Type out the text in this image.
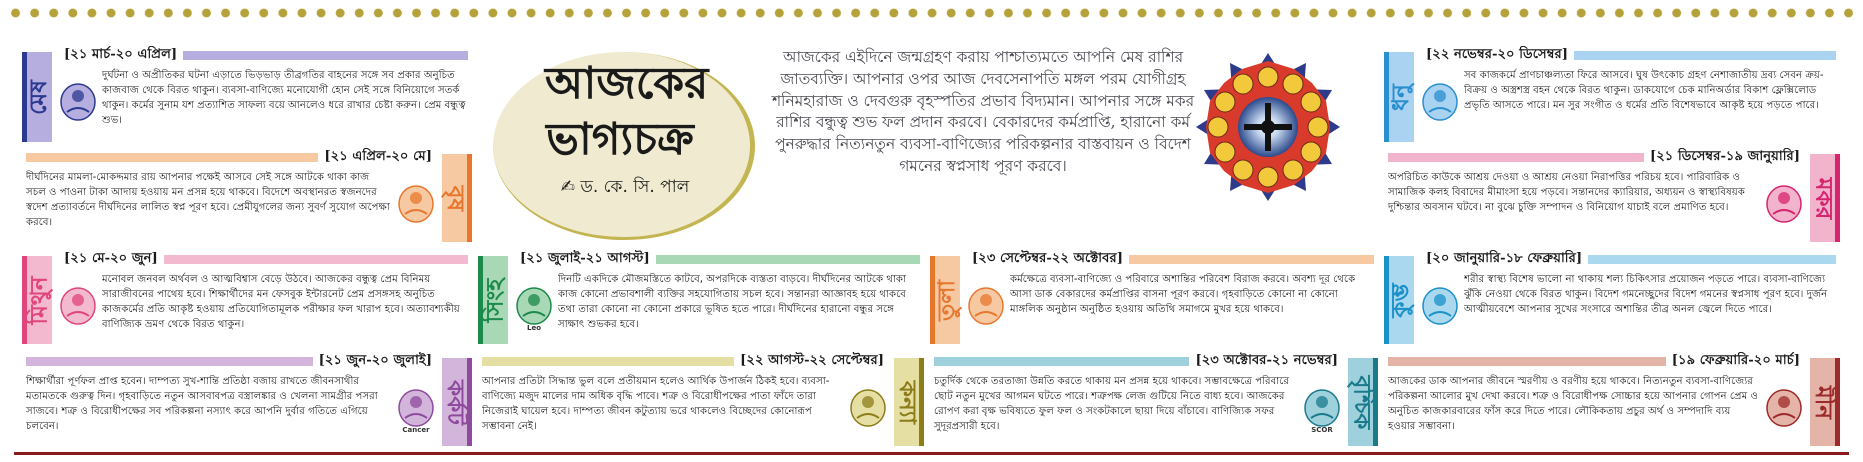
আজকের
ভাগ্যচক্র
✍ ড. কে. সি. পাল
আজকের এইদিনে জন্মগ্রহণ করায় পাশ্চাত্যমতে আপনি মেষ রাশির জাতব্যক্তি। আপনার ওপর আজ দেবসেনাপতি মঙ্গল পরম যোগীগ্রহ শনিমহারাজ ও দেবগুরু বৃহস্পতির প্রভাব বিদ্যমান। আপনার সঙ্গে মকর রাশির বন্ধুত্ব শুভ ফল প্রদান করবে। বেকারদের কর্মপ্রাপ্তি, হারানো কর্ম পুনরুদ্ধার নিত্যনতুন ব্যবসা-বাণিজ্যের পরিকল্পনার বাস্তবায়ন ও বিদেশ গমনের স্বপ্নসাধ পূরণ করবে।
মেষ
[২১ মার্চ-২০ এপ্রিল]
দুর্ঘটনা ও অপ্রীতিকর ঘটনা এড়াতে ভিড়ভাড় তীব্রগতির বাহনের সঙ্গে সব প্রকার অনুচিত কাজবাজ থেকে বিরত থাকুন। ব্যবসা-বাণিজ্যে মনোযোগী হোন সেই সঙ্গে বিনিয়োগে সতর্ক থাকুন। কর্মের সুনাম যশ প্রত্যাশিত সাফল্য বয়ে আনলেও ধরে রাখার চেষ্টা করুন। প্রেম বন্ধুত্ব শুভ।
বৃষ
[২১ এপ্রিল-২০ মে]
দীর্ঘদিনের মামলা-মোকদ্দমার রায় আপনার পক্ষেই আসবে সেই সঙ্গে আটকে থাকা কাজ সচল ও পাওনা টাকা আদায় হওয়ায় মন প্রসন্ন হয়ে থাকবে। বিদেশে অবস্থানরত স্বজনদের স্বদেশ প্রত্যাবর্তনে দীর্ঘদিনের লালিত স্বপ্ন পূরণ হবে। প্রেমীযুগলের জন্য সুবর্ণ সুযোগ অপেক্ষা করবে।
মিথুন
[২১ মে-২০ জুন]
মনোবল জনবল অর্থবল ও আত্মবিশ্বাস বেড়ে উঠবে। আজকের বন্ধুত্ব প্রেম বিনিময় সারাজীবনের পাথেয় হবে। শিক্ষার্থীদের মন ফেসবুক ইন্টারনেট প্রেম প্রসঙ্গসহ অনুচিত কাজকর্মের প্রতি আকৃষ্ট হওয়ায় প্রতিযোগিতামূলক পরীক্ষার ফল খারাপ হবে। অত্যাবশ্যকীয় বাণিজ্যিক ভ্রমণ থেকে বিরত থাকুন।
কর্কট
[২১ জুন-২০ জুলাই]
Cancer
শিক্ষার্থীরা পূর্ণফল প্রাপ্ত হবেন। দাম্পত্য সুখ-শান্তি প্রতিষ্ঠা বজায় রাখতে জীবনসাথীর মতামতকে গুরুত্ব দিন। গৃহবাড়িতে নতুন আসবাবপত্র বস্ত্রালঙ্কার ও খেলনা সামগ্রীর পসরা সাজবে। শত্রু ও বিরোধীপক্ষের সব পরিকল্পনা নস্যাৎ করে আপনি দুর্বার গতিতে এগিয়ে চলবেন।
সিংহ
[২১ জুলাই-২১ আগস্ট]
Leo
দিনটি একদিকে মৌজমস্তিতে কাটবে, অপরদিকে ব্যস্ততা বাড়বে। দীর্ঘদিনের আটকে থাকা কাজ কোনো প্রভাবশালী ব্যক্তির সহযোগিতায় সচল হবে। সন্তানরা আজ্ঞাবহ হয়ে থাকবে তথা তারা কোনো না কোনো প্রকারে ভূষিত হতে পারে। দীর্ঘদিনের হারানো বন্ধুর সঙ্গে সাক্ষাৎ শুভকর হবে।
কন্যা
[২২ আগস্ট-২২ সেপ্টেম্বর]
আপনার প্রতিটা সিদ্ধান্ত ভুল বলে প্রতীয়মান হলেও আর্থিক উপার্জন ঠিকই হবে। ব্যবসা-বাণিজ্যে মজুদ মালের দাম অধিক বৃদ্ধি পাবে। শত্রু ও বিরোধীপক্ষের পাতা ফাঁদে তারা নিজেরাই ঘায়েল হবে। দাম্পত্য জীবন কটুত্যায় ভরে থাকলেও বিচ্ছেদের কোনোরূপ সম্ভাবনা নেই।
তুলা
[২৩ সেপ্টেম্বর-২২ অক্টোবর]
কর্মক্ষেত্রে ব্যবসা-বাণিজ্যে ও পরিবারে অশান্তির পরিবেশ বিরাজ করবে। অবশ্য দূর থেকে আসা ডাক বেকারদের কর্মপ্রাপ্তির বাসনা পূরণ করবে। গৃহবাড়িতে কোনো না কোনো মাঙ্গলিক অনুষ্ঠান অনুষ্ঠিত হওয়ায় অতিথি সমাগমে মুখর হয়ে থাকবে।
বৃশ্চিক
[২৩ অক্টোবর-২১ নভেম্বর]
SCOR
চতুর্দিক থেকে তরতাজা উন্নতি করতে থাকায় মন প্রসন্ন হয়ে থাকবে। সম্ভাবক্ষেত্রে পরিবারে ছোট নতুন মুখের আগমন ঘটতে পারে। শত্রুপক্ষ লেজ গুটিয়ে নিতে বাধ্য হবে। আজকের রোপণ করা বৃক্ষ ভবিষ্যতে ফুল ফল ও সংকটকালে ছায়া দিয়ে বাঁচাবে। বাণিজ্যিক সফর সুদূরপ্রসারী হবে।
ধনু
[২২ নভেম্বর-২০ ডিসেম্বর]
সব কাজকর্মে প্রাণচাঞ্চল্যতা ফিরে আসবে। ঘুষ উৎকোচ গ্রহণ নেশাজাতীয় দ্রব্য সেবন ক্রয়-বিক্রয় ও অস্ত্রশস্ত্র বহন থেকে বিরত থাকুন। ডাকযোগে চেক মানিঅর্ডার বিকাশ ফ্লেক্সিলোড প্রভৃতি আসতে পারে। মন সুর সংগীত ও ধর্মের প্রতি বিশেষভাবে আকৃষ্ট হয়ে পড়তে পারে।
মকর
[২১ ডিসেম্বর-১৯ জানুয়ারি]
অপরিচিত কাউকে আশ্রয় দেওয়া ও আশ্রয় নেওয়া নিরাপত্তির পরিচয় হবে। পারিবারিক ও সামাজিক কলহ বিবাদের মীমাংসা হয়ে পড়বে। সন্তানদের ক্যারিয়ার, অধ্যয়ন ও স্বাস্থ্যবিষয়ক দুশ্চিন্তার অবসান ঘটবে। না বুঝে চুক্তি সম্পাদন ও বিনিয়োগ যাচাই বলে প্রমাণিত হবে।
কুম্ভ
[২০ জানুয়ারি-১৮ ফেব্রুয়ারি]
শরীর স্বাস্থ্য বিশেষ ভালো না থাকায় শল্য চিকিৎসার প্রয়োজন পড়তে পারে। ব্যবসা-বাণিজ্যে ঝুঁকি নেওয়া থেকে বিরত থাকুন। বিদেশ গমনেচ্ছুদের বিদেশ গমনের স্বপ্নসাধ পূরণ হবে। দুর্জন আত্মীয়বেশে আপনার সুখের সংসারে অশান্তির তীব্র অনল জ্বেলে দিতে পারে।
মীন
[১৯ ফেব্রুয়ারি-২০ মার্চ]
আজকের ডাক আপনার জীবনে স্মরণীয় ও বরণীয় হয়ে থাকবে। নিত্যনতুন ব্যবসা-বাণিজ্যের পরিকল্পনা আলোর মুখ দেখা করবে। শত্রু ও বিরোধীপক্ষ সোচ্চার হয়ে আপনার গোপন প্রেম ও অনুচিত কাজকারবারের ফাঁস করে দিতে পারে। লৌকিকতায় প্রচুর অর্থ ও সম্পদাদি ব্যয় হওয়ার সম্ভাবনা।
